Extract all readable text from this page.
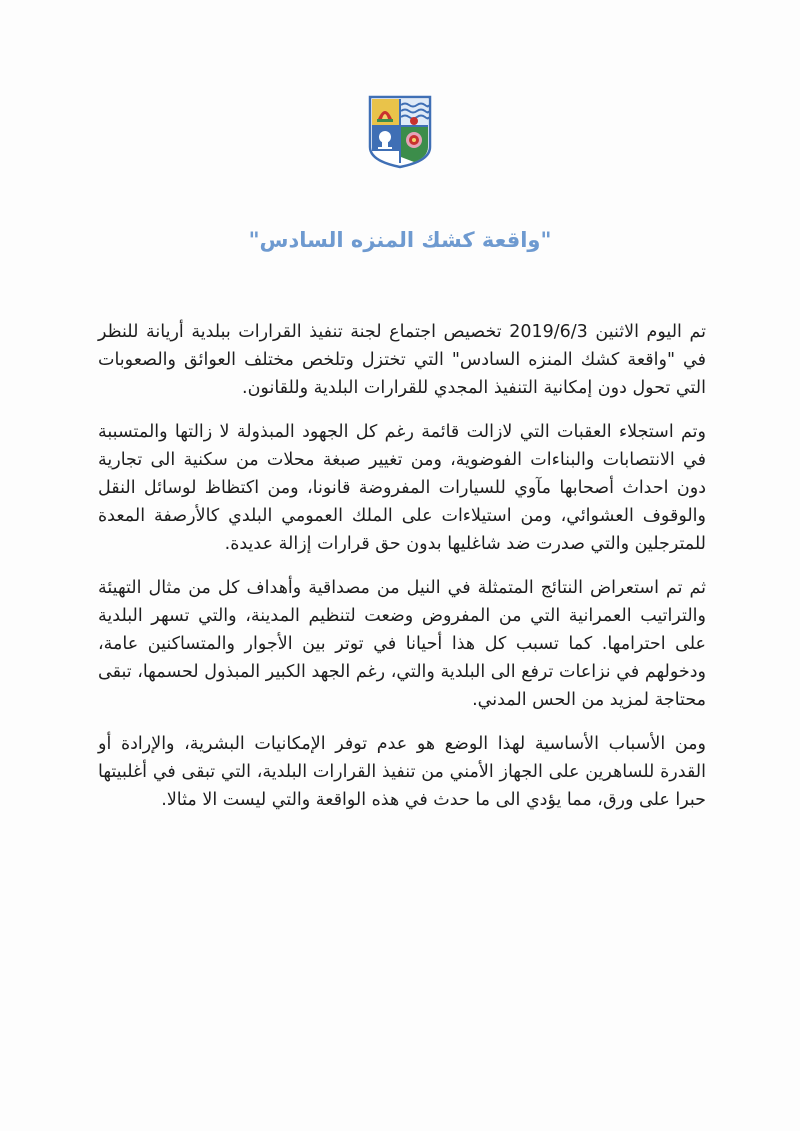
"واقعة كشك المنزه السادس"

تم اليوم الاثنين 2019/6/3 تخصيص اجتماع لجنة تنفيذ القرارات ببلدية أريانة للنظر في "واقعة كشك المنزه السادس" التي تختزل وتلخص مختلف العوائق والصعوبات التي تحول دون إمكانية التنفيذ المجدي للقرارات البلدية وللقانون.

وتم استجلاء العقبات التي لازالت قائمة رغم كل الجهود المبذولة لا زالتها والمتسببة في الانتصابات والبناءات الفوضوية، ومن تغيير صبغة محلات من سكنية الى تجارية دون احداث أصحابها مآوي للسيارات المفروضة قانونا، ومن اكتظاظ لوسائل النقل والوقوف العشوائي، ومن استيلاءات على الملك العمومي البلدي كالأرصفة المعدة للمترجلين والتي صدرت ضد شاغليها بدون حق قرارات إزالة عديدة.

ثم تم استعراض النتائج المتمثلة في النيل من مصداقية وأهداف كل من مثال التهيئة والتراتيب العمرانية التي من المفروض وضعت لتنظيم المدينة، والتي تسهر البلدية على احترامها. كما تسبب كل هذا أحيانا في توتر بين الأجوار والمتساكنين عامة، ودخولهم في نزاعات ترفع الى البلدية والتي، رغم الجهد الكبير المبذول لحسمها، تبقى محتاجة لمزيد من الحس المدني.

ومن الأسباب الأساسية لهذا الوضع هو عدم توفر الإمكانيات البشرية، والإرادة أو القدرة للساهرين على الجهاز الأمني من تنفيذ القرارات البلدية، التي تبقى في أغلبيتها حبرا على ورق، مما يؤدي الى ما حدث في هذه الواقعة والتي ليست الا مثالا.
